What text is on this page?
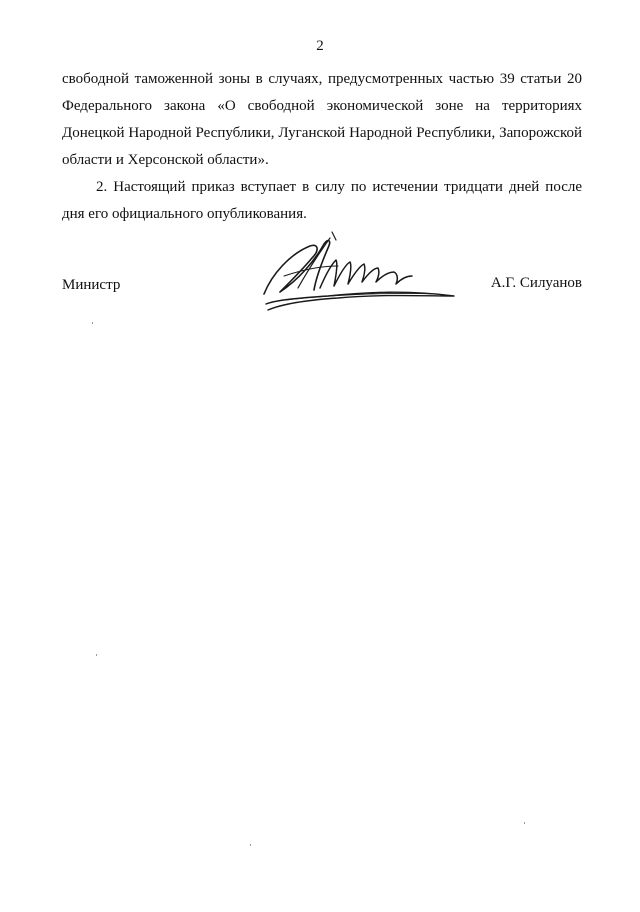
2

свободной таможенной зоны в случаях, предусмотренных частью 39 статьи 20 Федерального закона «О свободной экономической зоне на территориях Донецкой Народной Республики, Луганской Народной Республики, Запорожской области и Херсонской области».

2. Настоящий приказ вступает в силу по истечении тридцати дней после дня его официального опубликования.

Министр	А.Г. Силуанов
